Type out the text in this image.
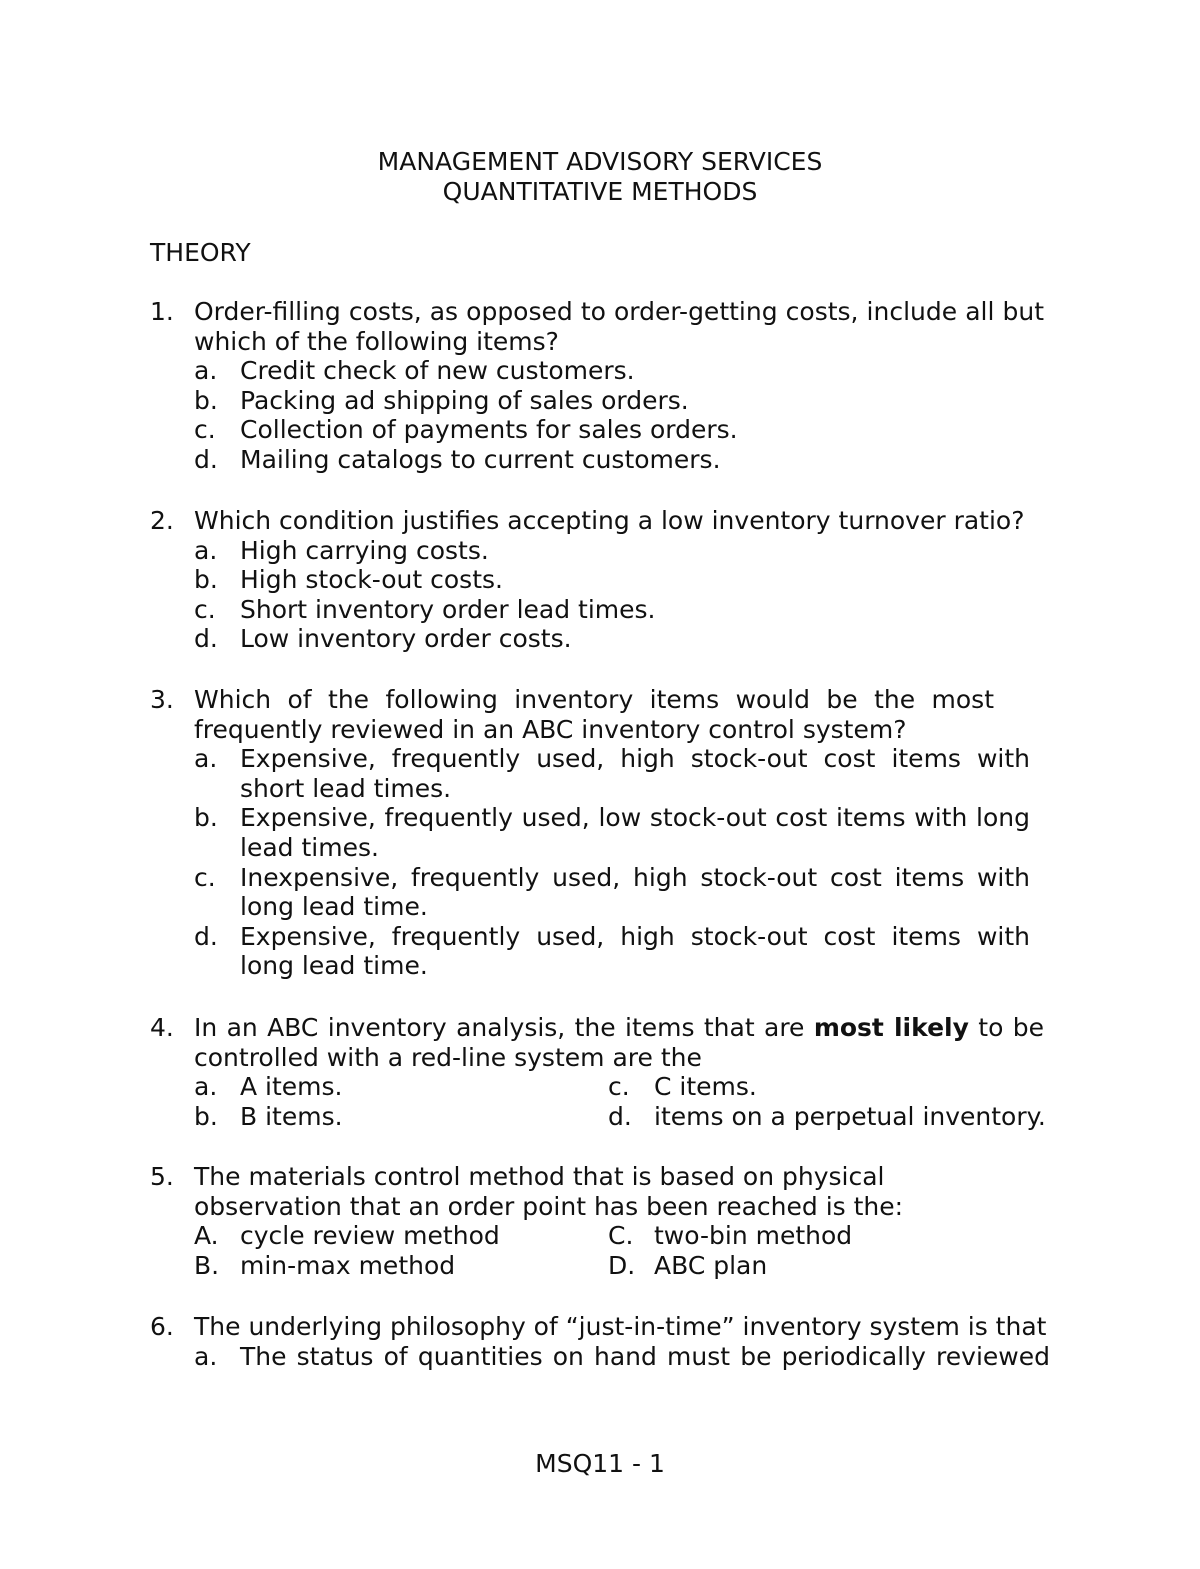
MANAGEMENT ADVISORY SERVICES
QUANTITATIVE METHODS
THEORY
1. Order-filling costs, as opposed to order-getting costs, include all but which of the following items?
a. Credit check of new customers.
b. Packing ad shipping of sales orders.
c. Collection of payments for sales orders.
d. Mailing catalogs to current customers.
2. Which condition justifies accepting a low inventory turnover ratio?
a. High carrying costs.
b. High stock-out costs.
c. Short inventory order lead times.
d. Low inventory order costs.
3. Which of the following inventory items would be the most frequently reviewed in an ABC inventory control system?
a. Expensive, frequently used, high stock-out cost items with short lead times.
b. Expensive, frequently used, low stock-out cost items with long lead times.
c. Inexpensive, frequently used, high stock-out cost items with long lead time.
d. Expensive, frequently used, high stock-out cost items with long lead time.
4. In an ABC inventory analysis, the items that are most likely to be controlled with a red-line system are the
a. A items.	c. C items.
b. B items.	d. items on a perpetual inventory.
5. The materials control method that is based on physical observation that an order point has been reached is the:
A. cycle review method	C. two-bin method
B. min-max method	D. ABC plan
6. The underlying philosophy of “just-in-time” inventory system is that
a. The status of quantities on hand must be periodically reviewed
MSQ11 - 1
